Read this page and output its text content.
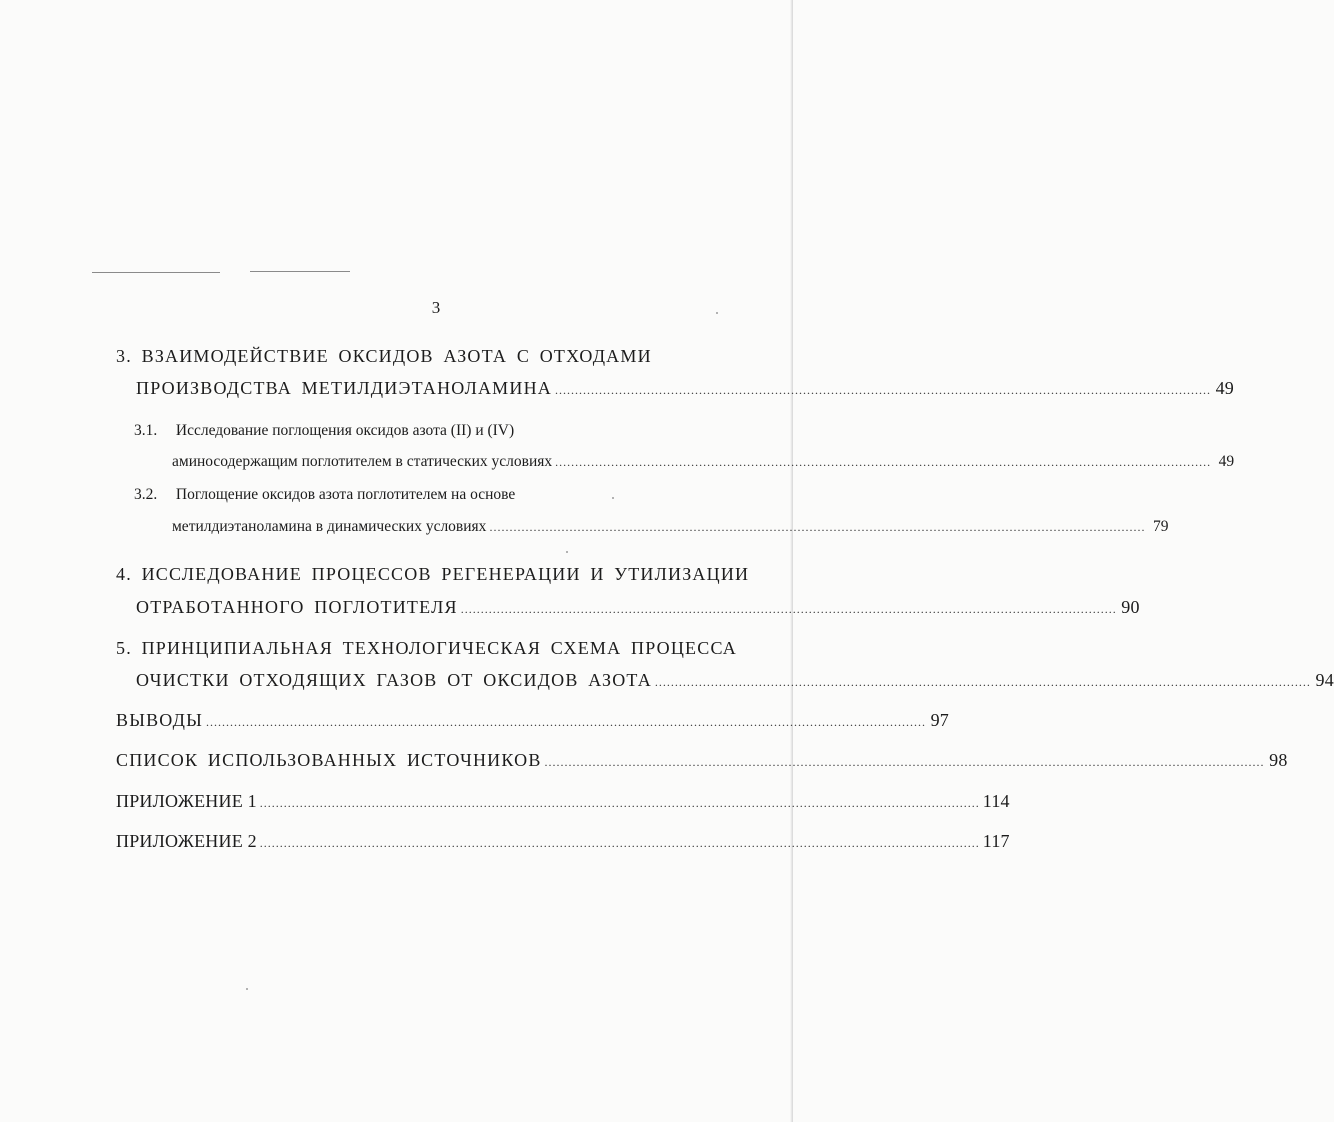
3
3. ВЗАИМОДЕЙСТВИЕ ОКСИДОВ АЗОТА С ОТХОДАМИ
ПРОИЗВОДСТВА МЕТИЛДИЭТАНОЛАМИНА .................................................................................................................................................................... 49
3.1. Исследование поглощения оксидов азота (II) и (IV)
аминосодержащим поглотителем в статических условиях .................................................................................................................................................................... 49
3.2. Поглощение оксидов азота поглотителем на основе
метилдиэтаноламина в динамических условиях .................................................................................................................................................................... 79
4. ИССЛЕДОВАНИЕ ПРОЦЕССОВ РЕГЕНЕРАЦИИ И УТИЛИЗАЦИИ
ОТРАБОТАННОГО ПОГЛОТИТЕЛЯ .................................................................................................................................................................... 90
5. ПРИНЦИПИАЛЬНАЯ ТЕХНОЛОГИЧЕСКАЯ СХЕМА ПРОЦЕССА
ОЧИСТКИ ОТХОДЯЩИХ ГАЗОВ ОТ ОКСИДОВ АЗОТА .................................................................................................................................................................... 94
ВЫВОДЫ .................................................................................................................................................................................... 97
СПИСОК ИСПОЛЬЗОВАННЫХ ИСТОЧНИКОВ .................................................................................................................................................................................... 98
ПРИЛОЖЕНИЕ 1 .................................................................................................................................................................................... 114
ПРИЛОЖЕНИЕ 2 .................................................................................................................................................................................... 117
